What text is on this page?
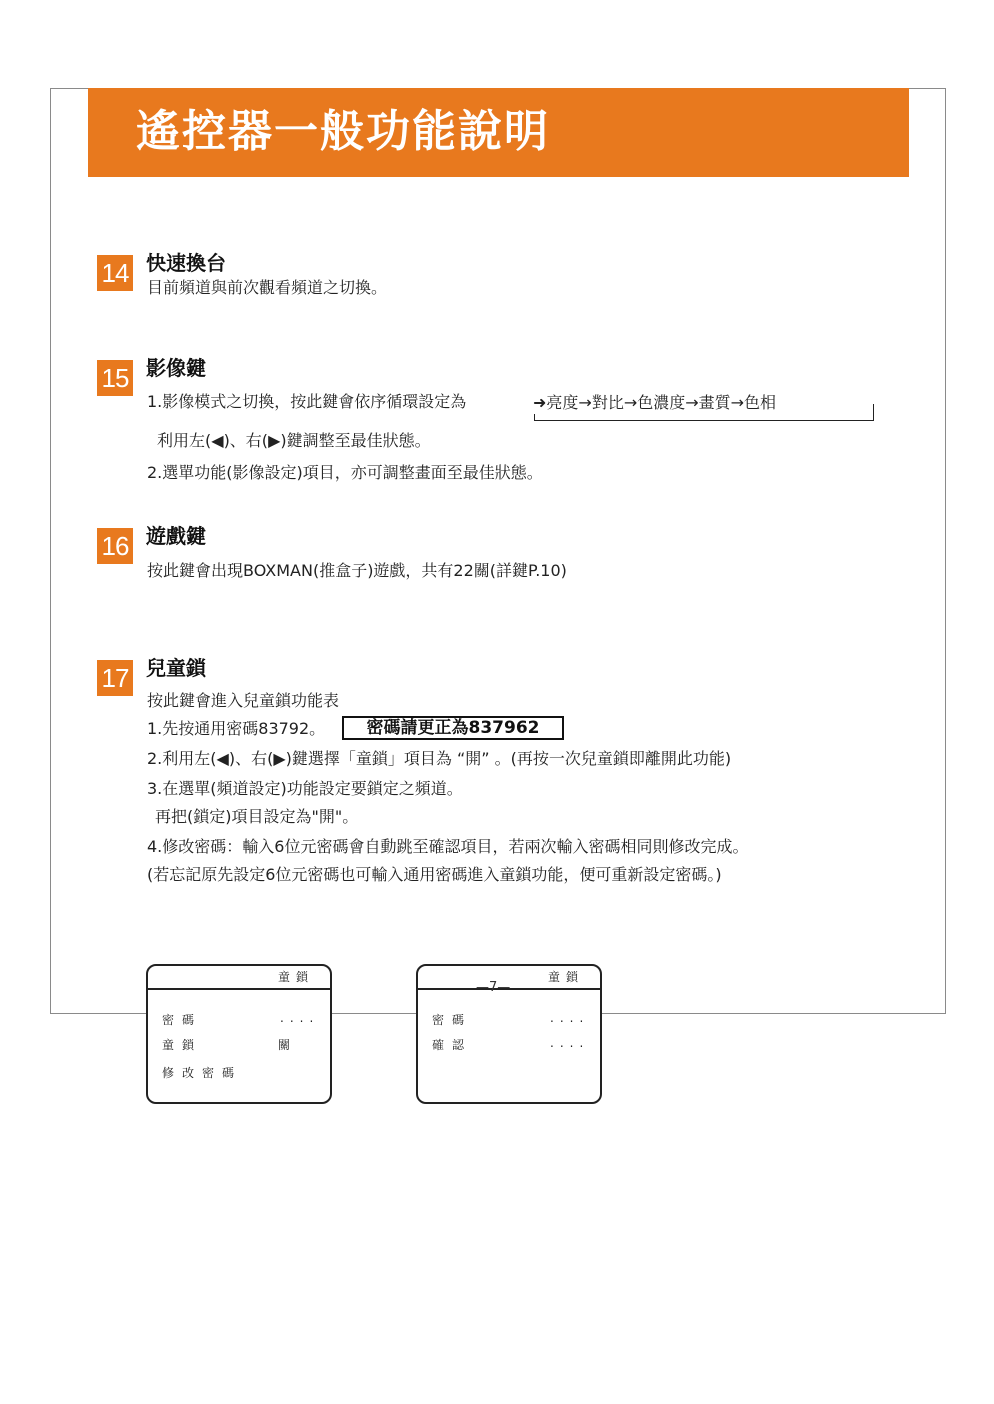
遙控器一般功能說明
14 快速換台
目前頻道與前次觀看頻道之切換。
15 影像鍵
1.影像模式之切換，按此鍵會依序循環設定為	➜亮度→對比→色濃度→畫質→色相
利用左(◀)、右(▶)鍵調整至最佳狀態。
2.選單功能(影像設定)項目，亦可調整畫面至最佳狀態。
16 遊戲鍵
按此鍵會出現BOXMAN(推盒子)遊戲，共有22關(詳鍵P.10)
17 兒童鎖
按此鍵會進入兒童鎖功能表
1.先按通用密碼83792。	密碼請更正為837962
2.利用左(◀)、右(▶)鍵選擇「童鎖」項目為 “開” 。(再按一次兒童鎖即離開此功能)
3.在選單(頻道設定)功能設定要鎖定之頻道。
再把(鎖定)項目設定為"開"。
4.修改密碼：輸入6位元密碼會自動跳至確認項目，若兩次輸入密碼相同則修改完成。
(若忘記原先設定6位元密碼也可輸入通用密碼進入童鎖功能，便可重新設定密碼。)
童鎖
密碼	....
童鎖	關
修改密碼
童鎖
密碼	....
確認	....
—7—
